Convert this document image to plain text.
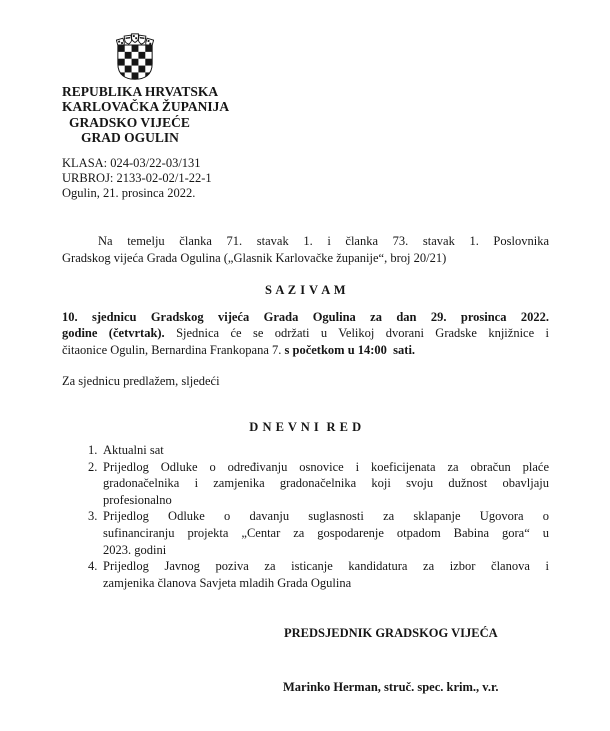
REPUBLIKA HRVATSKA
KARLOVAČKA ŽUPANIJA
GRADSKO VIJEĆE
GRAD OGULIN
KLASA: 024-03/22-03/131
URBROJ: 2133-02-02/1-22-1
Ogulin, 21. prosinca 2022.
Na temelju članka 71. stavak 1. i članka 73. stavak 1. Poslovnika
Gradskog vijeća Grada Ogulina („Glasnik Karlovačke županije“, broj 20/21)
S A Z I V A M
10. sjednicu Gradskog vijeća Grada Ogulina za dan 29. prosinca 2022.
godine (četvrtak). Sjednica će se održati u Velikoj dvorani Gradske knjižnice i
čitaonice Ogulin, Bernardina Frankopana 7. s početkom u 14:00  sati.
Za sjednicu predlažem, sljedeći
D N E V N I  R E D
1. Aktualni sat
2. Prijedlog Odluke o određivanju osnovice i koeficijenata za obračun plaće
gradonačelnika i zamjenika gradonačelnika koji svoju dužnost obavljaju
profesionalno
3. Prijedlog Odluke o davanju suglasnosti za sklapanje Ugovora o
sufinanciranju projekta „Centar za gospodarenje otpadom Babina gora“ u
2023. godini
4. Prijedlog Javnog poziva za isticanje kandidatura za izbor članova i
zamjenika članova Savjeta mladih Grada Ogulina
PREDSJEDNIK GRADSKOG VIJEĆA
Marinko Herman, struč. spec. krim., v.r.
